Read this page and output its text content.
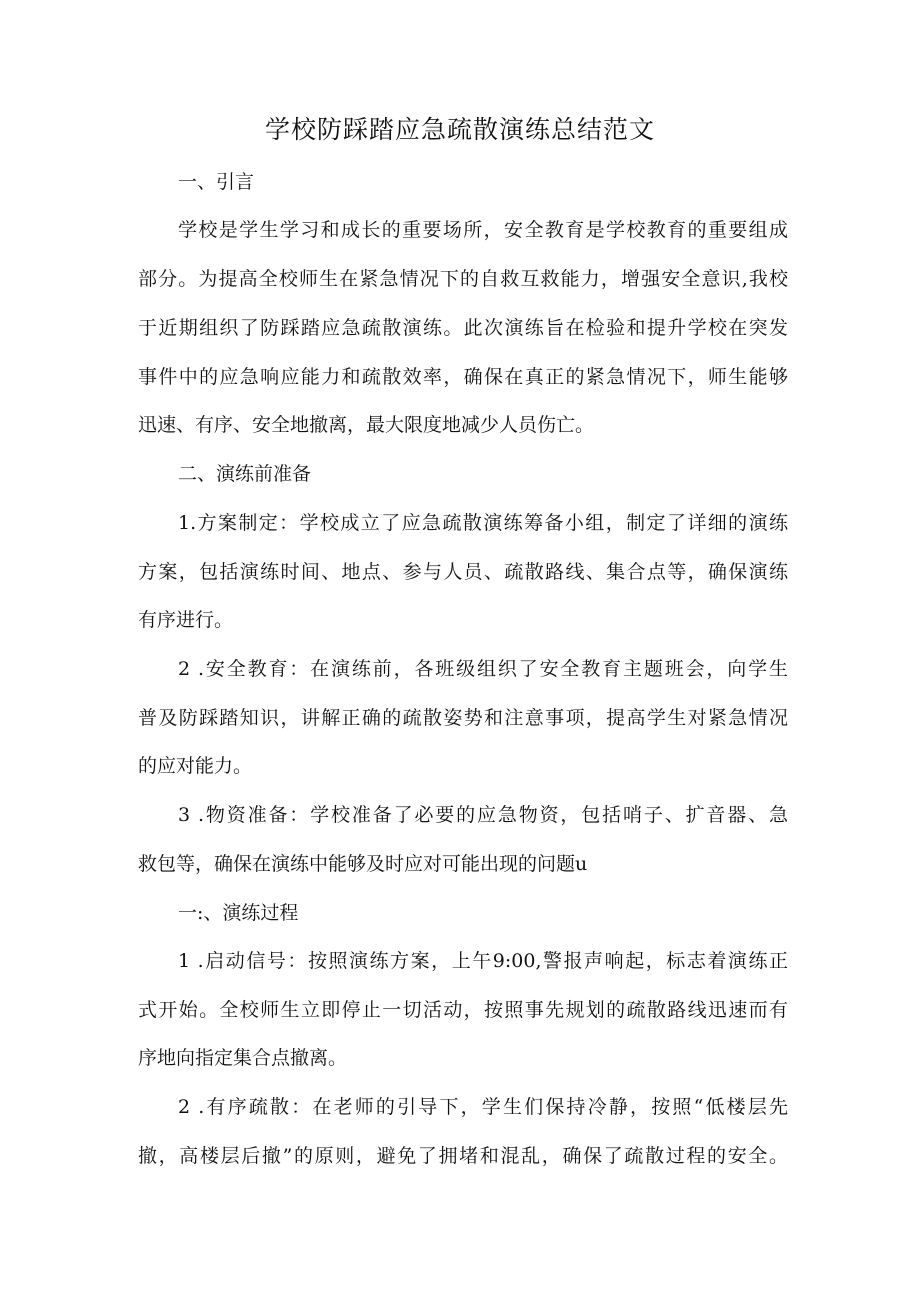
学校防踩踏应急疏散演练总结范文

一、引言

学校是学生学习和成长的重要场所，安全教育是学校教育的重要组成

部分。为提高全校师生在紧急情况下的自救互救能力，增强安全意识,我校

于近期组织了防踩踏应急疏散演练。此次演练旨在检验和提升学校在突发

事件中的应急响应能力和疏散效率，确保在真正的紧急情况下，师生能够

迅速、有序、安全地撤离，最大限度地减少人员伤亡。

二、演练前准备

1.方案制定：学校成立了应急疏散演练筹备小组，制定了详细的演练

方案，包括演练时间、地点、参与人员、疏散路线、集合点等，确保演练

有序进行。

2 .安全教育：在演练前，各班级组织了安全教育主题班会，向学生

普及防踩踏知识，讲解正确的疏散姿势和注意事项，提高学生对紧急情况

的应对能力。

3 .物资准备：学校准备了必要的应急物资，包括哨子、扩音器、急

救包等，确保在演练中能够及时应对可能出现的问题u

一:、演练过程

1 .启动信号：按照演练方案，上午9:00,警报声响起，标志着演练正

式开始。全校师生立即停止一切活动，按照事先规划的疏散路线迅速而有

序地向指定集合点撤离。

2 .有序疏散：在老师的引导下，学生们保持冷静，按照“低楼层先

撤，高楼层后撤”的原则，避免了拥堵和混乱，确保了疏散过程的安全。
